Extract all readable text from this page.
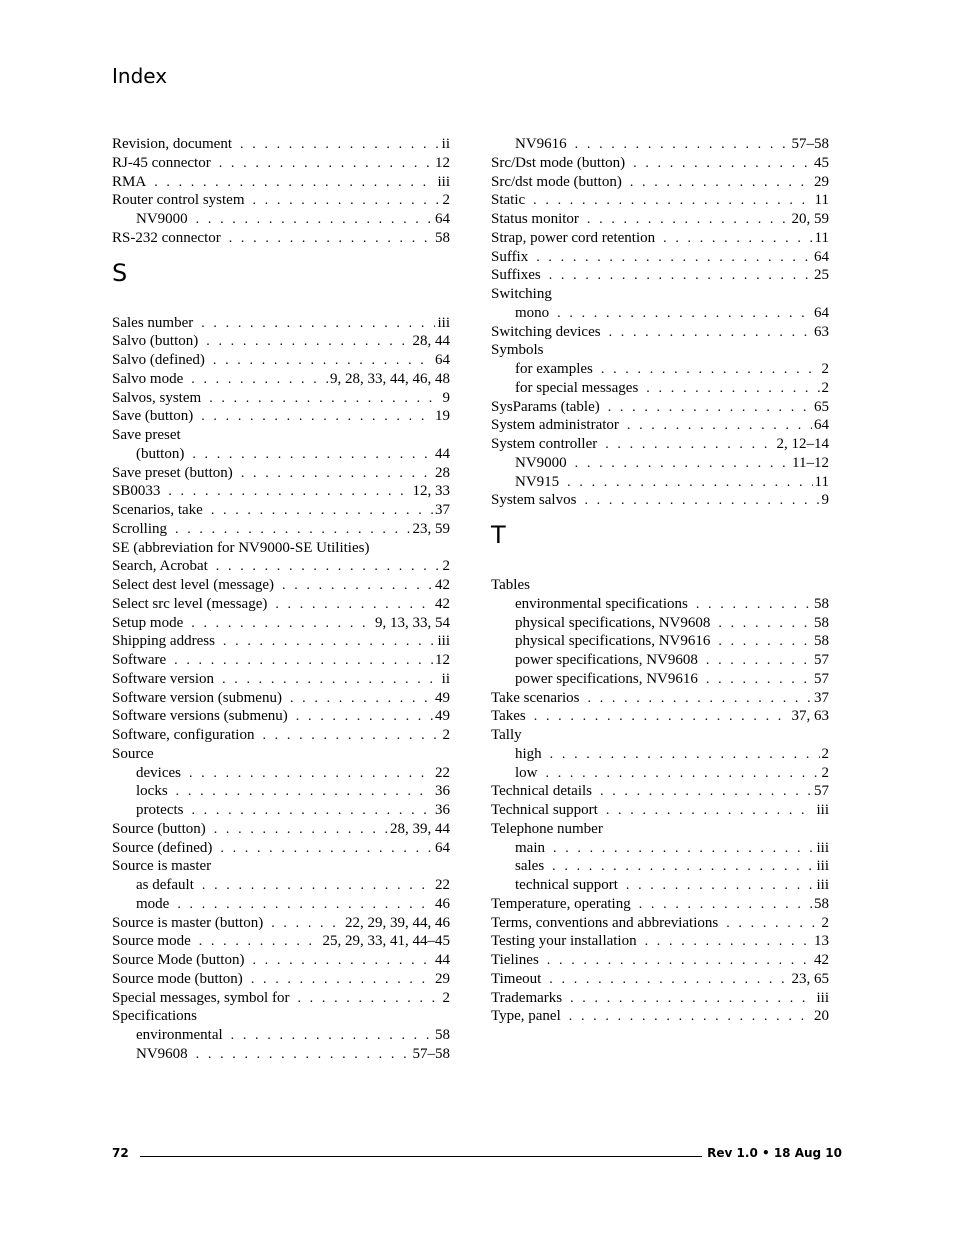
Index
Revision, document . . .	ii
RJ-45 connector . . .	12
RMA . . .	iii
Router control system . . .	2
NV9000 . . .	64
RS-232 connector . . .	58
S
Sales number . . .	iii
Salvo (button) . . .	28, 44
Salvo (defined) . . .	64
Salvo mode . . .	9, 28, 33, 44, 46, 48
Salvos, system . . .	9
Save (button) . . .	19
Save preset
(button) . . .	44
Save preset (button) . . .	28
SB0033 . . .	12, 33
Scenarios, take . . .	37
Scrolling . . .	23, 59
SE (abbreviation for NV9000-SE Utilities)
Search, Acrobat . . .	2
Select dest level (message) . . .	42
Select src level (message) . . .	42
Setup mode . . .	9, 13, 33, 54
Shipping address . . .	iii
Software . . .	12
Software version . . .	ii
Software version (submenu) . . .	49
Software versions (submenu) . . .	49
Software, configuration . . .	2
Source
devices . . .	22
locks . . .	36
protects . . .	36
Source (button) . . .	28, 39, 44
Source (defined) . . .	64
Source is master
as default . . .	22
mode . . .	46
Source is master (button) . . .	22, 29, 39, 44, 46
Source mode . . .	25, 29, 33, 41, 44–45
Source Mode (button) . . .	44
Source mode (button) . . .	29
Special messages, symbol for . . .	2
Specifications
environmental . . .	58
NV9608 . . .	57–58
NV9616 . . .	57–58
Src/Dst mode (button) . . .	45
Src/dst mode (button) . . .	29
Static . . .	11
Status monitor . . .	20, 59
Strap, power cord retention . . .	11
Suffix . . .	64
Suffixes . . .	25
Switching
mono . . .	64
Switching devices . . .	63
Symbols
for examples . . .	2
for special messages . . .	2
SysParams (table) . . .	65
System administrator . . .	64
System controller . . .	2, 12–14
NV9000 . . .	11–12
NV915 . . .	11
System salvos . . .	9
T
Tables
environmental specifications . . .	58
physical specifications, NV9608 . . .	58
physical specifications, NV9616 . . .	58
power specifications, NV9608 . . .	57
power specifications, NV9616 . . .	57
Take scenarios . . .	37
Takes . . .	37, 63
Tally
high . . .	2
low . . .	2
Technical details . . .	57
Technical support . . .	iii
Telephone number
main . . .	iii
sales . . .	iii
technical support . . .	iii
Temperature, operating . . .	58
Terms, conventions and abbreviations . . .	2
Testing your installation . . .	13
Tielines . . .	42
Timeout . . .	23, 65
Trademarks . . .	iii
Type, panel . . .	20
72	Rev 1.0 • 18 Aug 10
